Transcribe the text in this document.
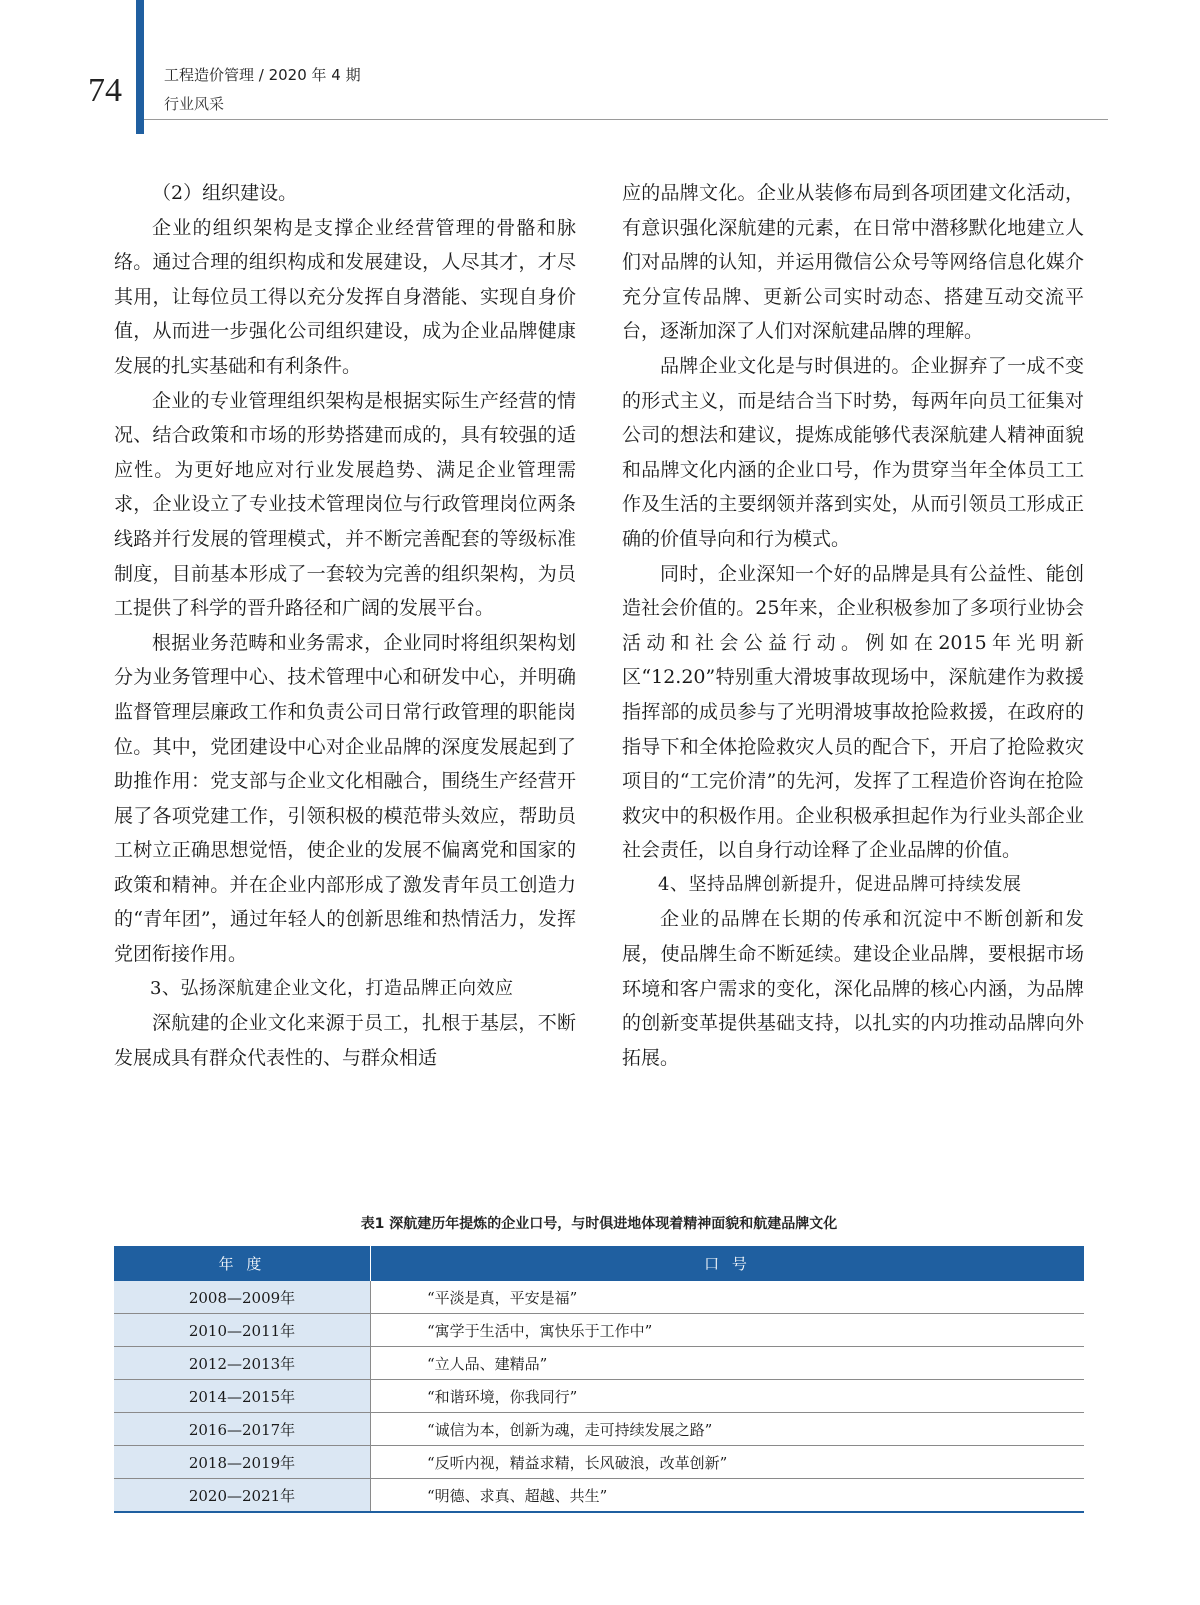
74	工程造价管理 / 2020 年 4 期
行业风采

（2）组织建设。

企业的组织架构是支撑企业经营管理的骨骼和脉络。通过合理的组织构成和发展建设，人尽其才，才尽其用，让每位员工得以充分发挥自身潜能、实现自身价值，从而进一步强化公司组织建设，成为企业品牌健康发展的扎实基础和有利条件。

企业的专业管理组织架构是根据实际生产经营的情况、结合政策和市场的形势搭建而成的，具有较强的适应性。为更好地应对行业发展趋势、满足企业管理需求，企业设立了专业技术管理岗位与行政管理岗位两条线路并行发展的管理模式，并不断完善配套的等级标准制度，目前基本形成了一套较为完善的组织架构，为员工提供了科学的晋升路径和广阔的发展平台。

根据业务范畴和业务需求，企业同时将组织架构划分为业务管理中心、技术管理中心和研发中心，并明确监督管理层廉政工作和负责公司日常行政管理的职能岗位。其中，党团建设中心对企业品牌的深度发展起到了助推作用：党支部与企业文化相融合，围绕生产经营开展了各项党建工作，引领积极的模范带头效应，帮助员工树立正确思想觉悟，使企业的发展不偏离党和国家的政策和精神。并在企业内部形成了激发青年员工创造力的“青年团”，通过年轻人的创新思维和热情活力，发挥党团衔接作用。

3、弘扬深航建企业文化，打造品牌正向效应

深航建的企业文化来源于员工，扎根于基层，不断发展成具有群众代表性的、与群众相适

应的品牌文化。企业从装修布局到各项团建文化活动，有意识强化深航建的元素，在日常中潜移默化地建立人们对品牌的认知，并运用微信公众号等网络信息化媒介充分宣传品牌、更新公司实时动态、搭建互动交流平台，逐渐加深了人们对深航建品牌的理解。

品牌企业文化是与时俱进的。企业摒弃了一成不变的形式主义，而是结合当下时势，每两年向员工征集对公司的想法和建议，提炼成能够代表深航建人精神面貌和品牌文化内涵的企业口号，作为贯穿当年全体员工工作及生活的主要纲领并落到实处，从而引领员工形成正确的价值导向和行为模式。

同时，企业深知一个好的品牌是具有公益性、能创造社会价值的。25年来，企业积极参加了多项行业协会活动和社会公益行动。例如在2015年光明新区“12.20”特别重大滑坡事故现场中，深航建作为救援指挥部的成员参与了光明滑坡事故抢险救援，在政府的指导下和全体抢险救灾人员的配合下，开启了抢险救灾项目的“工完价清”的先河，发挥了工程造价咨询在抢险救灾中的积极作用。企业积极承担起作为行业头部企业社会责任，以自身行动诠释了企业品牌的价值。

4、坚持品牌创新提升，促进品牌可持续发展

企业的品牌在长期的传承和沉淀中不断创新和发展，使品牌生命不断延续。建设企业品牌，要根据市场环境和客户需求的变化，深化品牌的核心内涵，为品牌的创新变革提供基础支持，以扎实的内功推动品牌向外拓展。

表1 深航建历年提炼的企业口号，与时俱进地体现着精神面貌和航建品牌文化
年 度	口 号
2008—2009年	“平淡是真，平安是福”
2010—2011年	“寓学于生活中，寓快乐于工作中”
2012—2013年	“立人品、建精品”
2014—2015年	“和谐环境，你我同行”
2016—2017年	“诚信为本，创新为魂，走可持续发展之路”
2018—2019年	“反听内视，精益求精，长风破浪，改革创新”
2020—2021年	“明德、求真、超越、共生”
